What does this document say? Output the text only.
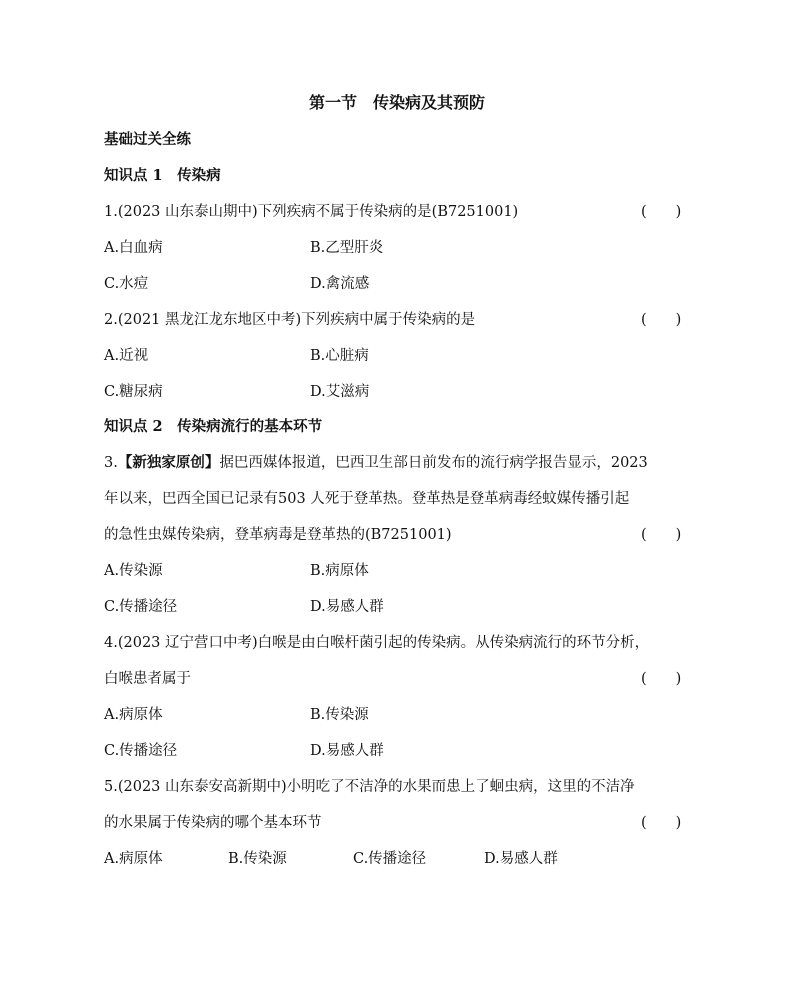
第一节　传染病及其预防
基础过关全练
知识点 1　传染病
1.(2023 山东泰山期中)下列疾病不属于传染病的是(B7251001)	(　　)
A.白血病	B.乙型肝炎
C.水痘	D.禽流感
2.(2021 黑龙江龙东地区中考)下列疾病中属于传染病的是	(　　)
A.近视	B.心脏病
C.糖尿病	D.艾滋病
知识点 2　传染病流行的基本环节
3.【新独家原创】据巴西媒体报道，巴西卫生部日前发布的流行病学报告显示，2023
年以来，巴西全国已记录有503 人死于登革热。登革热是登革病毒经蚊媒传播引起
的急性虫媒传染病，登革病毒是登革热的(B7251001)	(　　)
A.传染源	B.病原体
C.传播途径	D.易感人群
4.(2023 辽宁营口中考)白喉是由白喉杆菌引起的传染病。从传染病流行的环节分析，
白喉患者属于	(　　)
A.病原体	B.传染源
C.传播途径	D.易感人群
5.(2023 山东泰安高新期中)小明吃了不洁净的水果而患上了蛔虫病，这里的不洁净
的水果属于传染病的哪个基本环节	(　　)
A.病原体	B.传染源	C.传播途径	D.易感人群
